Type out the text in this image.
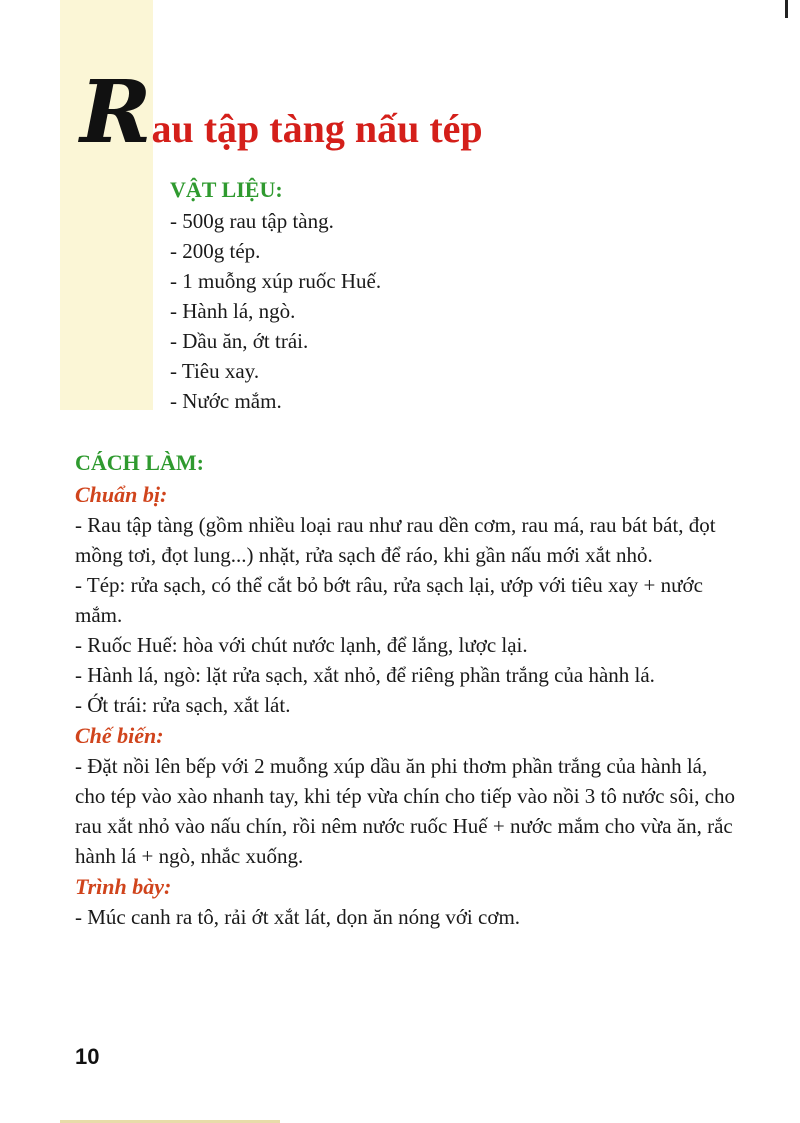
Rau tập tàng nấu tép
VẬT LIỆU:
- 500g rau tập tàng.
- 200g tép.
- 1 muỗng xúp ruốc Huế.
- Hành lá, ngò.
- Dầu ăn, ớt trái.
- Tiêu xay.
- Nước mắm.
CÁCH LÀM:
Chuẩn bị:

- Rau tập tàng (gồm nhiều loại rau như rau dền cơm, rau má, rau bát bát, đọt mồng tơi, đọt lung...) nhặt, rửa sạch để ráo, khi gần nấu mới xắt nhỏ.

- Tép: rửa sạch, có thể cắt bỏ bớt râu, rửa sạch lại, ướp với tiêu xay + nước mắm.

- Ruốc Huế: hòa với chút nước lạnh, để lắng, lược lại.

- Hành lá, ngò: lặt rửa sạch, xắt nhỏ, để riêng phần trắng của hành lá.

- Ớt trái: rửa sạch, xắt lát.

Chế biến:

- Đặt nồi lên bếp với 2 muỗng xúp dầu ăn phi thơm phần trắng của hành lá, cho tép vào xào nhanh tay, khi tép vừa chín cho tiếp vào nồi 3 tô nước sôi, cho rau xắt nhỏ vào nấu chín, rồi nêm nước ruốc Huế + nước mắm cho vừa ăn, rắc hành lá + ngò, nhắc xuống.

Trình bày:

- Múc canh ra tô, rải ớt xắt lát, dọn ăn nóng với cơm.

10
